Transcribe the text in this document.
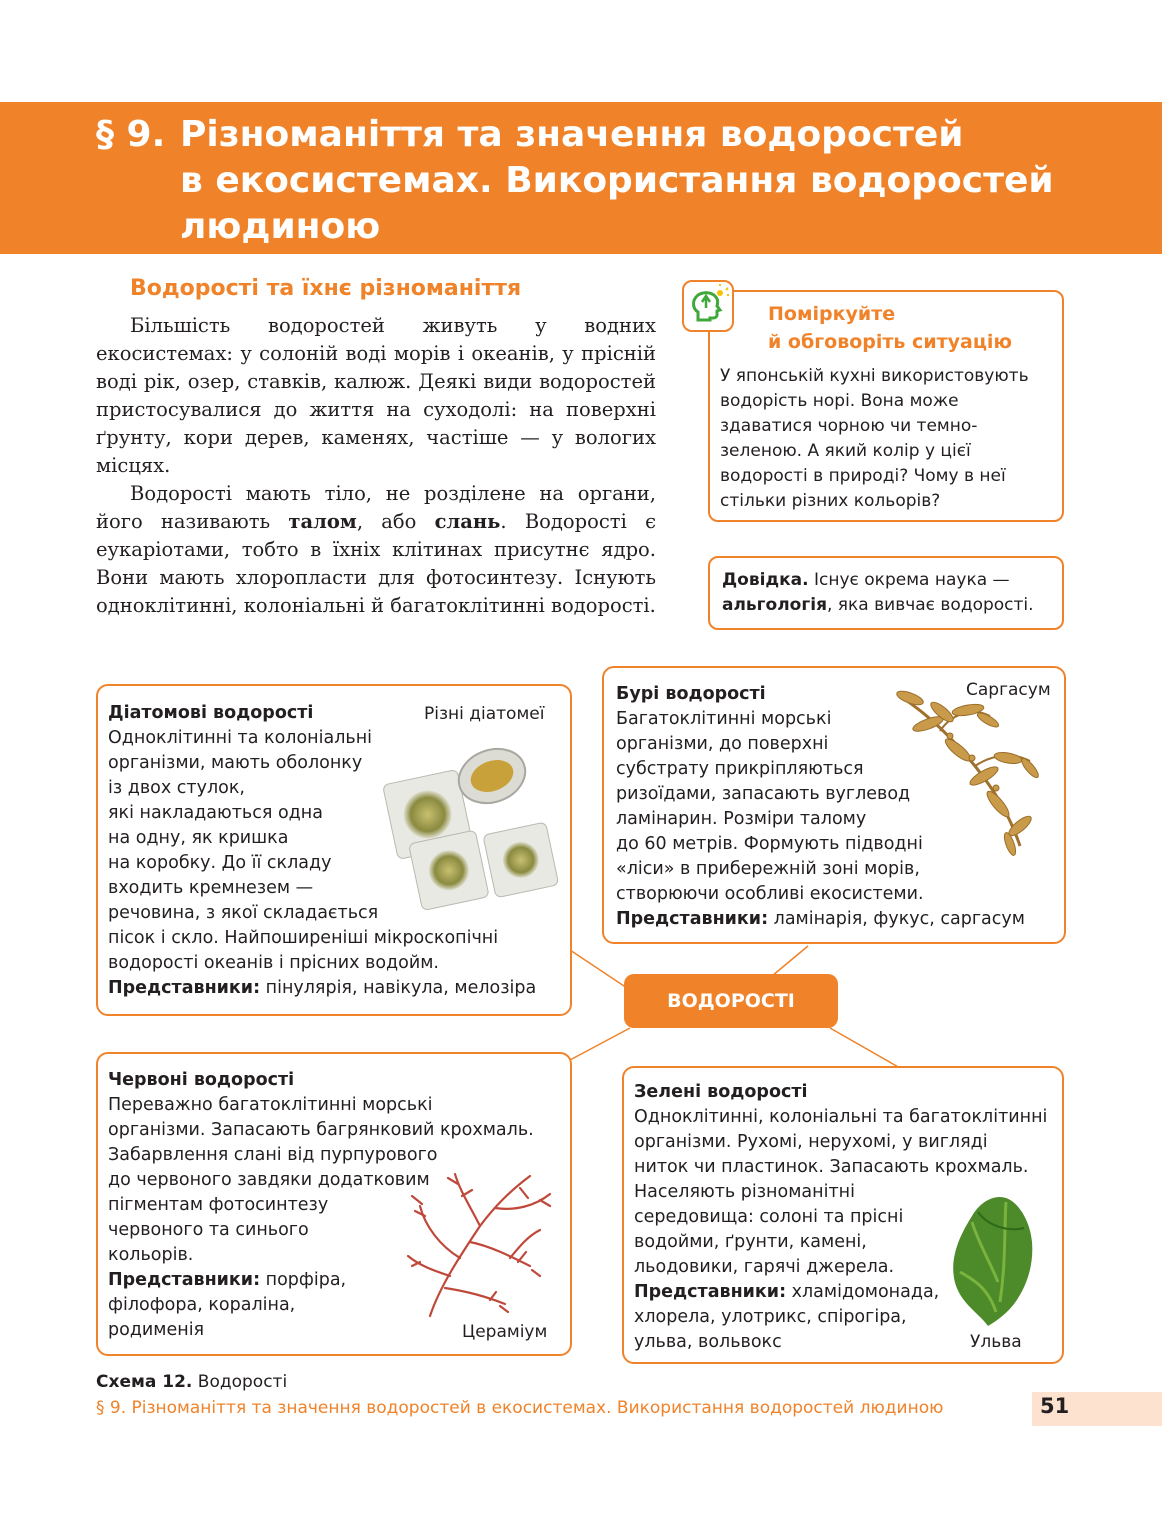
§ 9. Різноманіття та значення водоростей
в екосистемах. Використання водоростей
людиною
Водорості та їхнє різноманіття

Більшість водоростей живуть у водних екосистемах: у солоній воді морів і океанів, у прісній воді рік, озер, ставків, калюж. Деякі види водоростей пристосувалися до життя на суходолі: на поверхні ґрунту, кори дерев, каменях, частіше — у вологих місцях.

Водорості мають тіло, не розділене на органи, його називають талом, або слань. Водорості є еукаріотами, тобто в їхніх клітинах присутнє ядро. Вони мають хлоропласти для фотосинтезу. Існують одноклітинні, колоніальні й багатоклітинні водорості.

Поміркуйте
й обговоріть ситуацію
У японській кухні використовують
водорість норі. Вона може
здаватися чорною чи темно-
зеленою. А який колір у цієї
водорості в природі? Чому в неї
стільки різних кольорів?
Довідка. Існує окрема наука —
альгологія, яка вивчає водорості.
Різні діатомеї
Діатомові водорості
Одноклітинні та колоніальні
організми, мають оболонку
із двох стулок,
які накладаються одна
на одну, як кришка
на коробку. До її складу
входить кремнезем —
речовина, з якої складається
пісок і скло. Найпоширеніші мікроскопічні
водорості океанів і прісних водойм.
Представники: пінулярія, навікула, мелозіра
Саргасум
Бурі водорості
Багатоклітинні морські
організми, до поверхні
субстрату прикріпляються
ризоїдами, запасають вуглевод
ламінарин. Розміри талому
до 60 метрів. Формують підводні
«ліси» в прибережній зоні морів,
створюючи особливі екосистеми.
Представники: ламінарія, фукус, саргасум
ВОДОРОСТІ
Цераміум
Червоні водорості
Переважно багатоклітинні морські
організми. Запасають багрянковий крохмаль.
Забарвлення слані від пурпурового
до червоного завдяки додатковим
пігментам фотосинтезу
червоного та синього
кольорів.
Представники: порфіра,
філофора, кораліна,
родименія
Ульва
Зелені водорості
Одноклітинні, колоніальні та багатоклітинні
організми. Рухомі, нерухомі, у вигляді
ниток чи пластинок. Запасають крохмаль.
Населяють різноманітні
середовища: солоні та прісні
водойми, ґрунти, камені,
льодовики, гарячі джерела.
Представники: хламідомонада,
хлорела, улотрикс, спірогіра,
ульва, вольвокс
Схема 12. Водорості
§ 9. Різноманіття та значення водоростей в екосистемах. Використання водоростей людиною	51
